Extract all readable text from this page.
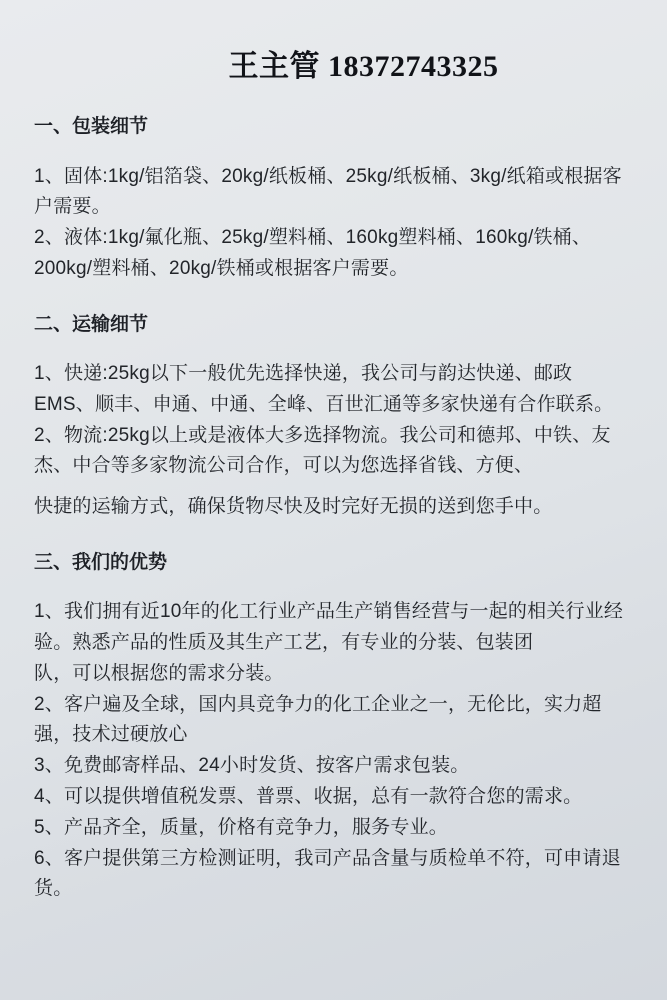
王主管 18372743325
一、包装细节
1、固体:1kg/铝箔袋、20kg/纸板桶、25kg/纸板桶、3kg/纸箱或根据客户需要。
2、液体:1kg/氟化瓶、25kg/塑料桶、160kg塑料桶、160kg/铁桶、200kg/塑料桶、20kg/铁桶或根据客户需要。
二、运输细节
1、快递:25kg以下一般优先选择快递，我公司与韵达快递、邮政EMS、顺丰、申通、中通、全峰、百世汇通等多家快递有合作联系。
2、物流:25kg以上或是液体大多选择物流。我公司和德邦、中铁、友杰、中合等多家物流公司合作，可以为您选择省钱、方便、
快捷的运输方式，确保货物尽快及时完好无损的送到您手中。
三、我们的优势
1、我们拥有近10年的化工行业产品生产销售经营与一起的相关行业经验。熟悉产品的性质及其生产工艺，有专业的分装、包装团
队，可以根据您的需求分装。
2、客户遍及全球，国内具竞争力的化工企业之一，无伦比，实力超强，技术过硬放心
3、免费邮寄样品、24小时发货、按客户需求包装。
4、可以提供增值税发票、普票、收据，总有一款符合您的需求。
5、产品齐全，质量，价格有竞争力，服务专业。
6、客户提供第三方检测证明，我司产品含量与质检单不符，可申请退货。
